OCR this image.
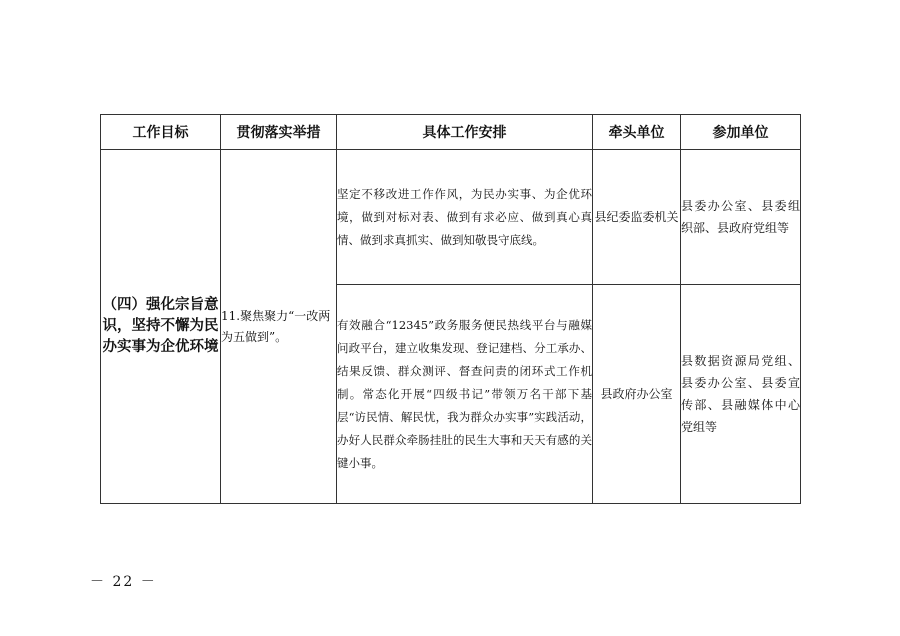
工作目标	贯彻落实举措	具体工作安排	牵头单位	参加单位
（四）强化宗旨意识，坚持不懈为民办实事为企优环境	11.聚焦聚力“一改两为五做到”。	坚定不移改进工作作风，为民办实事、为企优环境，做到对标对表、做到有求必应、做到真心真情、做到求真抓实、做到知敬畏守底线。	县纪委监委机关	县委办公室、县委组织部、县政府党组等
		有效融合“12345”政务服务便民热线平台与融媒问政平台，建立收集发现、登记建档、分工承办、结果反馈、群众测评、督查问责的闭环式工作机制。常态化开展“四级书记”带领万名干部下基层“访民情、解民忧，我为群众办实事”实践活动，办好人民群众牵肠挂肚的民生大事和天天有感的关键小事。	县政府办公室	县数据资源局党组、县委办公室、县委宣传部、县融媒体中心党组等
－ 22 －
